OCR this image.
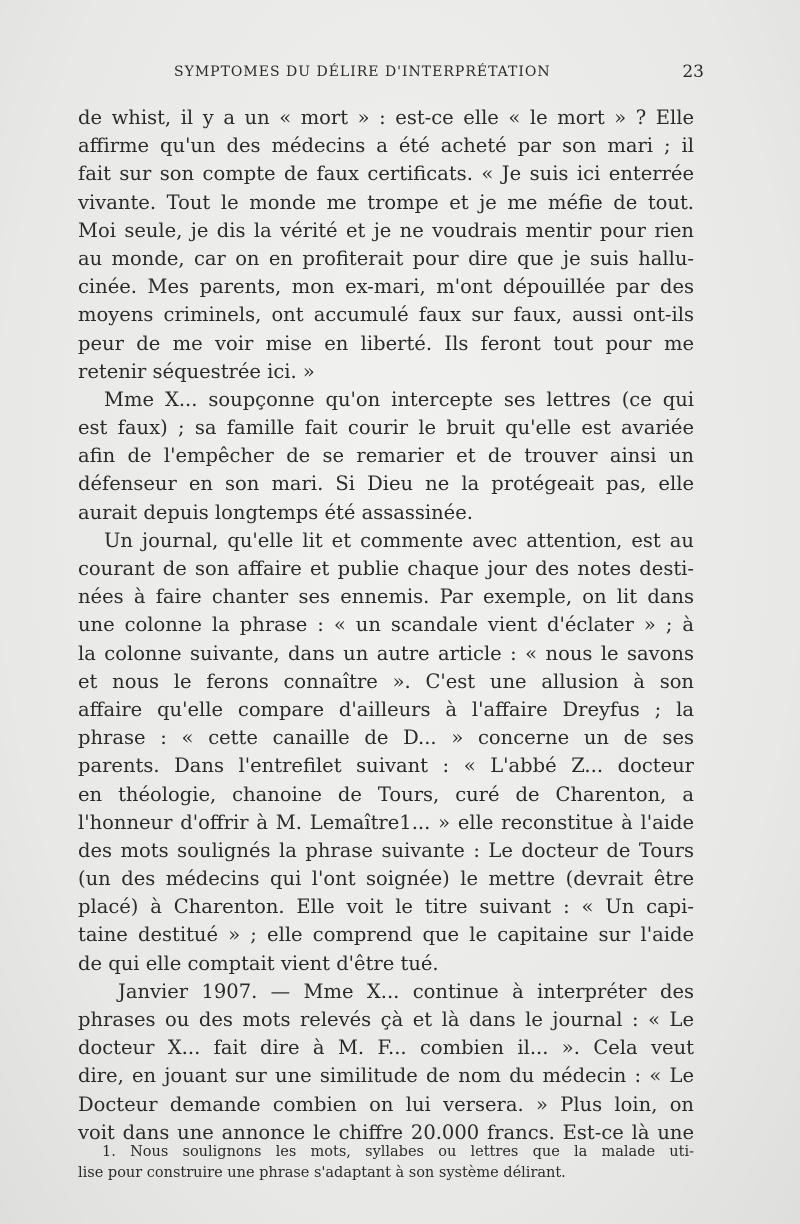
SYMPTOMES DU DÉLIRE D'INTERPRÉTATION	23
de whist, il y a un « mort » : est-ce elle « le mort » ? Elle
affirme qu'un des médecins a été acheté par son mari ; il
fait sur son compte de faux certificats. « Je suis ici enterrée
vivante. Tout le monde me trompe et je me méfie de tout.
Moi seule, je dis la vérité et je ne voudrais mentir pour rien
au monde, car on en profiterait pour dire que je suis hallu-
cinée. Mes parents, mon ex-mari, m'ont dépouillée par des
moyens criminels, ont accumulé faux sur faux, aussi ont-ils
peur de me voir mise en liberté. Ils feront tout pour me
retenir séquestrée ici. »
Mme X... soupçonne qu'on intercepte ses lettres (ce qui
est faux) ; sa famille fait courir le bruit qu'elle est avariée
afin de l'empêcher de se remarier et de trouver ainsi un
défenseur en son mari. Si Dieu ne la protégeait pas, elle
aurait depuis longtemps été assassinée.
Un journal, qu'elle lit et commente avec attention, est au
courant de son affaire et publie chaque jour des notes desti-
nées à faire chanter ses ennemis. Par exemple, on lit dans
une colonne la phrase : « un scandale vient d'éclater » ; à
la colonne suivante, dans un autre article : « nous le savons
et nous le ferons connaître ». C'est une allusion à son
affaire qu'elle compare d'ailleurs à l'affaire Dreyfus ; la
phrase : « cette canaille de D... » concerne un de ses
parents. Dans l'entrefilet suivant : « L'abbé Z... docteur
en théologie, chanoine de Tours, curé de Charenton, a
l'honneur d'offrir à M. Lemaître1... » elle reconstitue à l'aide
des mots soulignés la phrase suivante : Le docteur de Tours
(un des médecins qui l'ont soignée) le mettre (devrait être
placé) à Charenton. Elle voit le titre suivant : « Un capi-
taine destitué » ; elle comprend que le capitaine sur l'aide
de qui elle comptait vient d'être tué.
Janvier 1907. — Mme X... continue à interpréter des
phrases ou des mots relevés çà et là dans le journal : « Le
docteur X... fait dire à M. F... combien il... ». Cela veut
dire, en jouant sur une similitude de nom du médecin : « Le
Docteur demande combien on lui versera. » Plus loin, on
voit dans une annonce le chiffre 20.000 francs. Est-ce là une
1. Nous soulignons les mots, syllabes ou lettres que la malade uti-
lise pour construire une phrase s'adaptant à son système délirant.
